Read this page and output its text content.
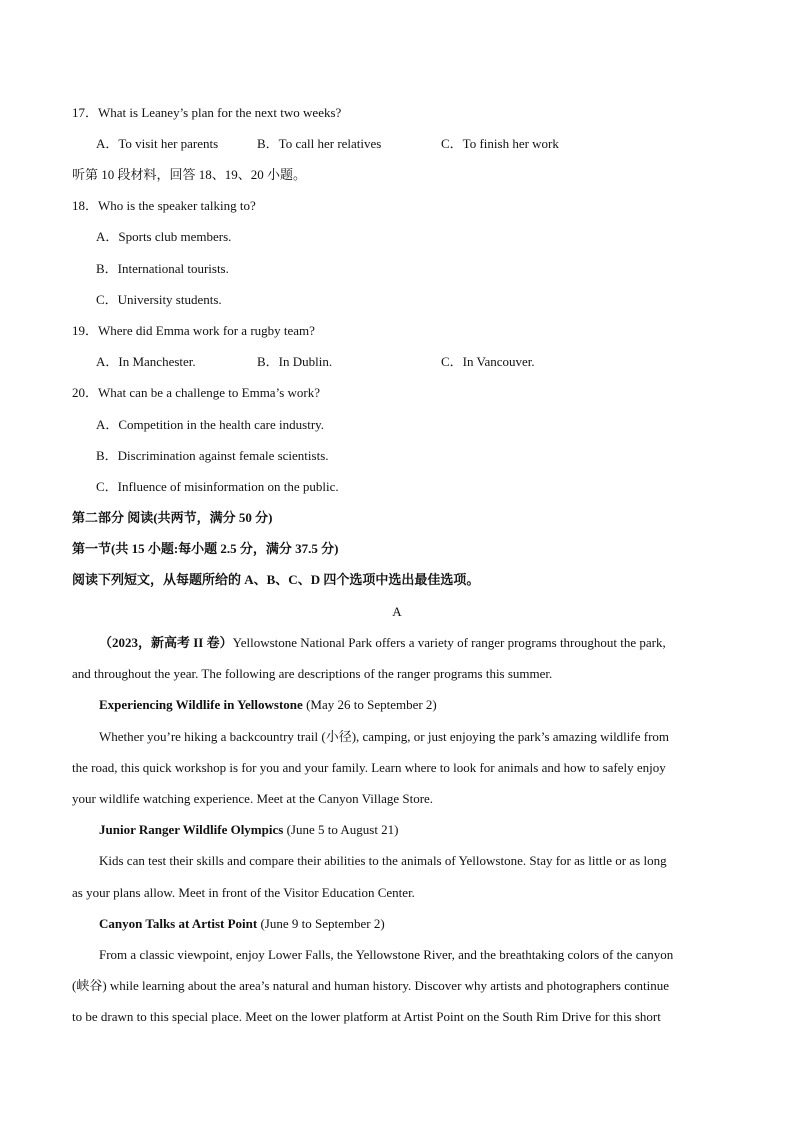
17．What is Leaney’s plan for the next two weeks?
A．To visit her parents	B．To call her relatives	C．To finish her work
听第 10 段材料，回答 18、19、20 小题。
18．Who is the speaker talking to?
A．Sports club members.
B．International tourists.
C．University students.
19．Where did Emma work for a rugby team?
A．In Manchester.	B．In Dublin.	C．In Vancouver.
20．What can be a challenge to Emma’s work?
A．Competition in the health care industry.
B．Discrimination against female scientists.
C．Influence of misinformation on the public.
第二部分 阅读(共两节，满分 50 分)
第一节(共 15 小题:每小题 2.5 分，满分 37.5 分)
阅读下列短文，从每题所给的 A、B、C、D 四个选项中选出最佳选项。
A
（2023，新高考 II 卷）Yellowstone National Park offers a variety of ranger programs throughout the park,
and throughout the year. The following are descriptions of the ranger programs this summer.
Experiencing Wildlife in Yellowstone (May 26 to September 2)
Whether you’re hiking a backcountry trail (小径), camping, or just enjoying the park’s amazing wildlife from
the road, this quick workshop is for you and your family. Learn where to look for animals and how to safely enjoy
your wildlife watching experience. Meet at the Canyon Village Store.
Junior Ranger Wildlife Olympics (June 5 to August 21)
Kids can test their skills and compare their abilities to the animals of Yellowstone. Stay for as little or as long
as your plans allow. Meet in front of the Visitor Education Center.
Canyon Talks at Artist Point (June 9 to September 2)
From a classic viewpoint, enjoy Lower Falls, the Yellowstone River, and the breathtaking colors of the canyon
(峡谷) while learning about the area’s natural and human history. Discover why artists and photographers continue
to be drawn to this special place. Meet on the lower platform at Artist Point on the South Rim Drive for this short
